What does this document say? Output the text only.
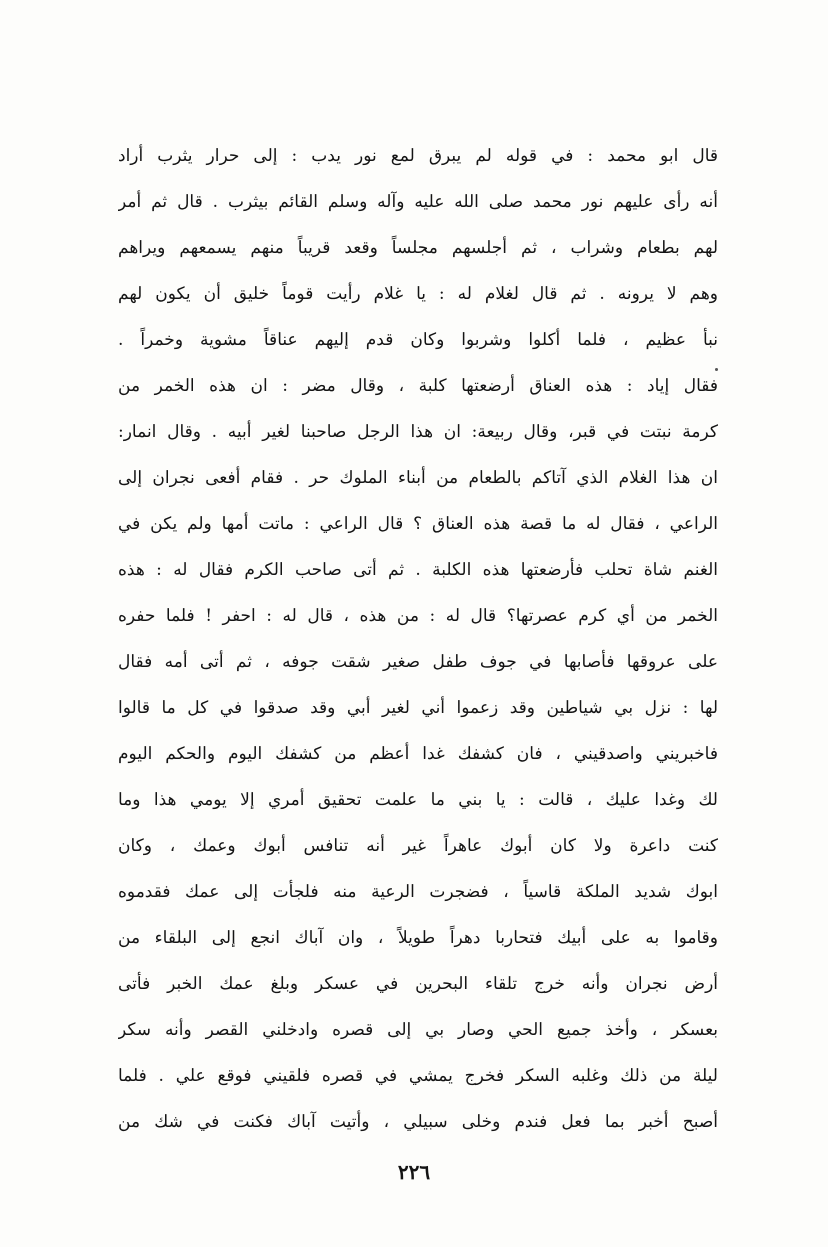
قال ابو محمد : في قوله لم يبرق لمع نور يدب : إلى حرار يثرب أراد
أنه رأى عليهم نور محمد صلى الله عليه وآله وسلم القائم بيثرب . قال ثم أمر
لهم بطعام وشراب ، ثم أجلسهم مجلساً وقعد قريباً منهم يسمعهم ويراهم
وهم لا يرونه . ثم قال لغلام له : يا غلام رأيت قوماً خليق أن يكون لهم
نبأ عظيم ، فلما أكلوا وشربوا وكان قدم إليهم عناقاً مشوية وخمراً .
فقال إياد : هذه العناق أرضعتها كلبة ، وقال مضر : ان هذه الخمر من
كرمة نبتت في قبر، وقال ربيعة: ان هذا الرجل صاحبنا لغير أبيه . وقال انمار:
ان هذا الغلام الذي آتاكم بالطعام من أبناء الملوك حر . فقام أفعى نجران إلى
الراعي ، فقال له ما قصة هذه العناق ؟ قال الراعي : ماتت أمها ولم يكن في
الغنم شاة تحلب فأرضعتها هذه الكلبة . ثم أتى صاحب الكرم فقال له : هذه
الخمر من أي كرم عصرتها؟ قال له : من هذه ، قال له : احفر ! فلما حفره
على عروقها فأصابها في جوف طفل صغير شقت جوفه ، ثم أتى أمه فقال
لها : نزل بي شياطين وقد زعموا أني لغير أبي وقد صدقوا في كل ما قالوا
فاخبريني واصدقيني ، فان كشفك غدا أعظم من كشفك اليوم والحكم اليوم
لك وغدا عليك ، قالت : يا بني ما علمت تحقيق أمري إلا يومي هذا وما
كنت داعرة ولا كان أبوك عاهراً غير أنه تنافس أبوك وعمك ، وكان
ابوك شديد الملكة قاسياً ، فضجرت الرعية منه فلجأت إلى عمك فقدموه
وقاموا به على أبيك فتحاربا دهراً طويلاً ، وان آباك انجع إلى البلقاء من
أرض نجران وأنه خرج تلقاء البحرين في عسكر وبلغ عمك الخبر فأتى
بعسكر ، وأخذ جميع الحي وصار بي إلى قصره وادخلني القصر وأنه سكر
ليلة من ذلك وغلبه السكر فخرج يمشي في قصره فلقيني فوقع علي . فلما
أصبح أخبر بما فعل فندم وخلى سبيلي ، وأتيت آباك فكنت في شك من
٢٢٦
